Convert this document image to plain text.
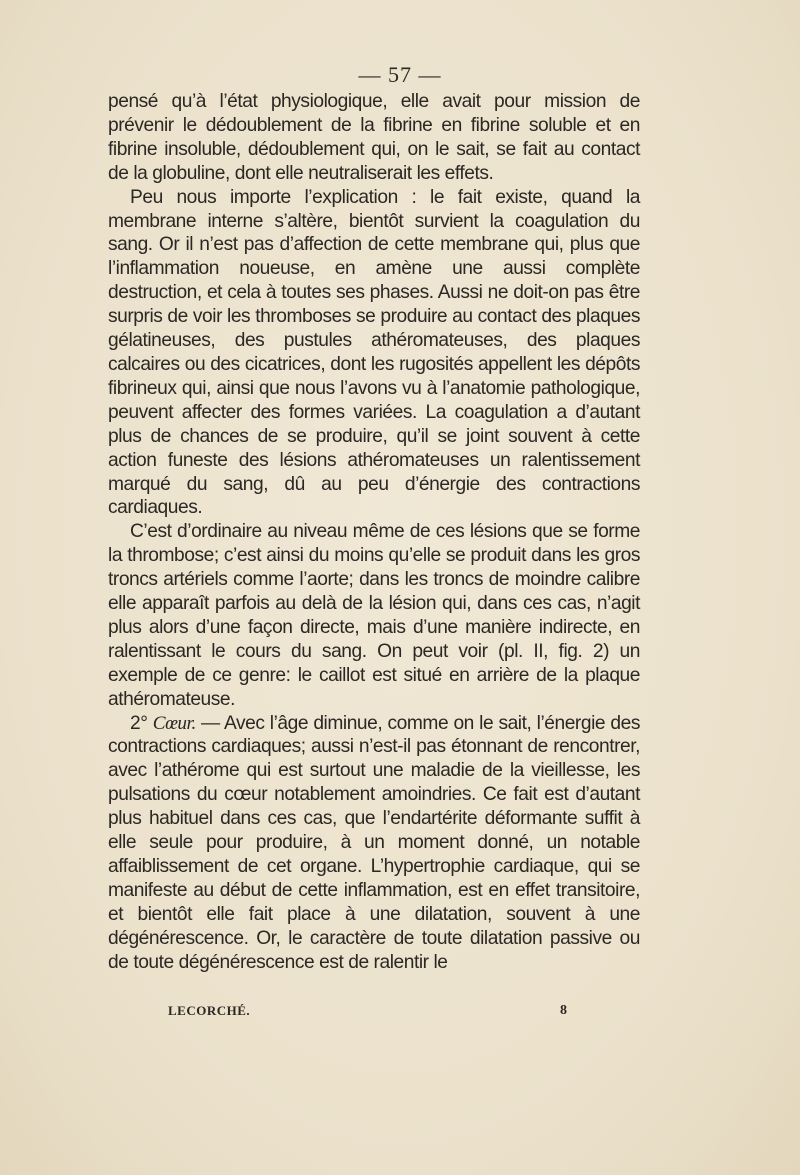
— 57 —

pensé qu’à l’état physiologique, elle avait pour mission de prévenir le dédoublement de la fibrine en fibrine soluble et en fibrine insoluble, dédoublement qui, on le sait, se fait au contact de la globuline, dont elle neutraliserait les effets.

Peu nous importe l’explication : le fait existe, quand la membrane interne s’altère, bientôt survient la coagulation du sang. Or il n’est pas d’affection de cette membrane qui, plus que l’inflammation noueuse, en amène une aussi complète destruction, et cela à toutes ses phases. Aussi ne doit-on pas être surpris de voir les thromboses se produire au contact des plaques gélatineuses, des pustules athéromateuses, des plaques calcaires ou des cicatrices, dont les rugosités appellent les dépôts fibrineux qui, ainsi que nous l’avons vu à l’anatomie pathologique, peuvent affecter des formes variées. La coagulation a d’autant plus de chances de se produire, qu’il se joint souvent à cette action funeste des lésions athéromateuses un ralentissement marqué du sang, dû au peu d’énergie des contractions cardiaques.

C’est d’ordinaire au niveau même de ces lésions que se forme la thrombose; c’est ainsi du moins qu’elle se produit dans les gros troncs artériels comme l’aorte; dans les troncs de moindre calibre elle apparaît parfois au delà de la lésion qui, dans ces cas, n’agit plus alors d’une façon directe, mais d’une manière indirecte, en ralentissant le cours du sang. On peut voir (pl. II, fig. 2) un exemple de ce genre: le caillot est situé en arrière de la plaque athéromateuse.

2° Cœur. — Avec l’âge diminue, comme on le sait, l’énergie des contractions cardiaques; aussi n’est-il pas étonnant de rencontrer, avec l’athérome qui est surtout une maladie de la vieillesse, les pulsations du cœur notablement amoindries. Ce fait est d’autant plus habituel dans ces cas, que l’endartérite déformante suffit à elle seule pour produire, à un moment donné, un notable affaiblissement de cet organe. L’hypertrophie cardiaque, qui se manifeste au début de cette inflammation, est en effet transitoire, et bientôt elle fait place à une dilatation, souvent à une dégénérescence. Or, le caractère de toute dilatation passive ou de toute dégénérescence est de ralentir le

LECORCHÉ.	8
